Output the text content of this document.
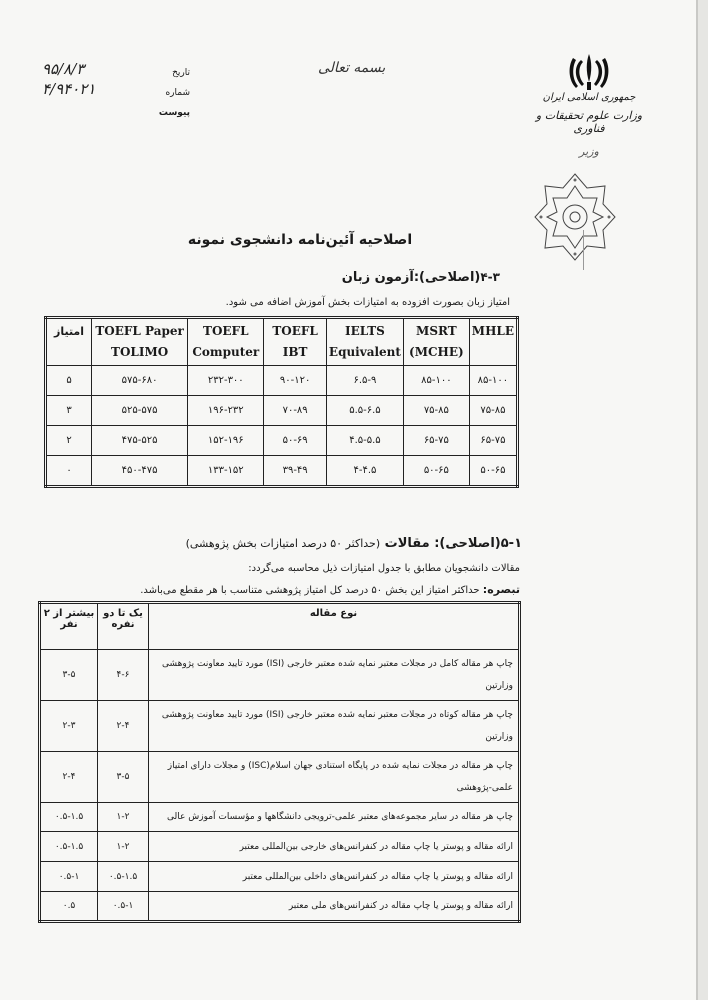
تاریخ
۹۵/۸/۳
شماره
۴/۹۴۰۲۱
پیوست
بسمه تعالی
جمهوری اسلامی ایران
وزارت علوم تحقیقات و فناوری
وزیر
اصلاحیه آئین‌نامه دانشجوی نمونه
۴-۳(اصلاحی):آزمون زبان
امتیاز زبان بصورت افزوده به امتیازات بخش آموزش اضافه می شود.
امتیاز	TOEFL Paper TOLIMO	TOEFL Computer	TOEFL IBT	IELTS Equivalent	MSRT (MCHE)	MHLE
۵	۵۷۵-۶۸۰	۲۳۲-۳۰۰	۹۰-۱۲۰	۶.۵-۹	۸۵-۱۰۰	۸۵-۱۰۰
۳	۵۲۵-۵۷۵	۱۹۶-۲۳۲	۷۰-۸۹	۵.۵-۶.۵	۷۵-۸۵	۷۵-۸۵
۲	۴۷۵-۵۲۵	۱۵۲-۱۹۶	۵۰-۶۹	۴.۵-۵.۵	۶۵-۷۵	۶۵-۷۵
۰	۴۵۰-۴۷۵	۱۳۳-۱۵۲	۳۹-۴۹	۴-۴.۵	۵۰-۶۵	۵۰-۶۵
۵-۱(اصلاحی): مقالات (حداکثر ۵۰ درصد امتیازات بخش پژوهشی)
مقالات دانشجویان مطابق با جدول امتیازات ذیل محاسبه می‌گردد:
تبصره: حداکثر امتیاز این بخش ۵۰ درصد کل امتیاز پژوهشی متناسب با هر مقطع می‌باشد.
نوع مقاله	یک تا دو نفره	بیشتر از ۲ نفر
چاپ هر مقاله کامل در مجلات معتبر نمایه شده معتبر خارجی (ISI) مورد تایید معاونت پژوهشی وزارتین	۴-۶	۳-۵
چاپ هر مقاله کوتاه در مجلات معتبر نمایه شده معتبر خارجی (ISI) مورد تایید معاونت پژوهشی وزارتین	۲-۴	۲-۳
چاپ هر مقاله در مجلات نمایه شده در پایگاه استنادی جهان اسلام(ISC) و مجلات دارای امتیاز علمی-پژوهشی	۳-۵	۲-۴
چاپ هر مقاله در سایر مجموعه‌های معتبر علمی-ترویجی دانشگاهها و مؤسسات آموزش عالی	۱-۲	۰.۵-۱.۵
ارائه مقاله و پوستر یا چاپ مقاله در کنفرانس‌های خارجی بین‌المللی معتبر	۱-۲	۰.۵-۱.۵
ارائه مقاله و پوستر یا چاپ مقاله در کنفرانس‌های داخلی بین‌المللی معتبر	۰.۵-۱.۵	۰.۵-۱
ارائه مقاله و پوستر یا چاپ مقاله در کنفرانس‌های ملی معتبر	۰.۵-۱	۰.۵
